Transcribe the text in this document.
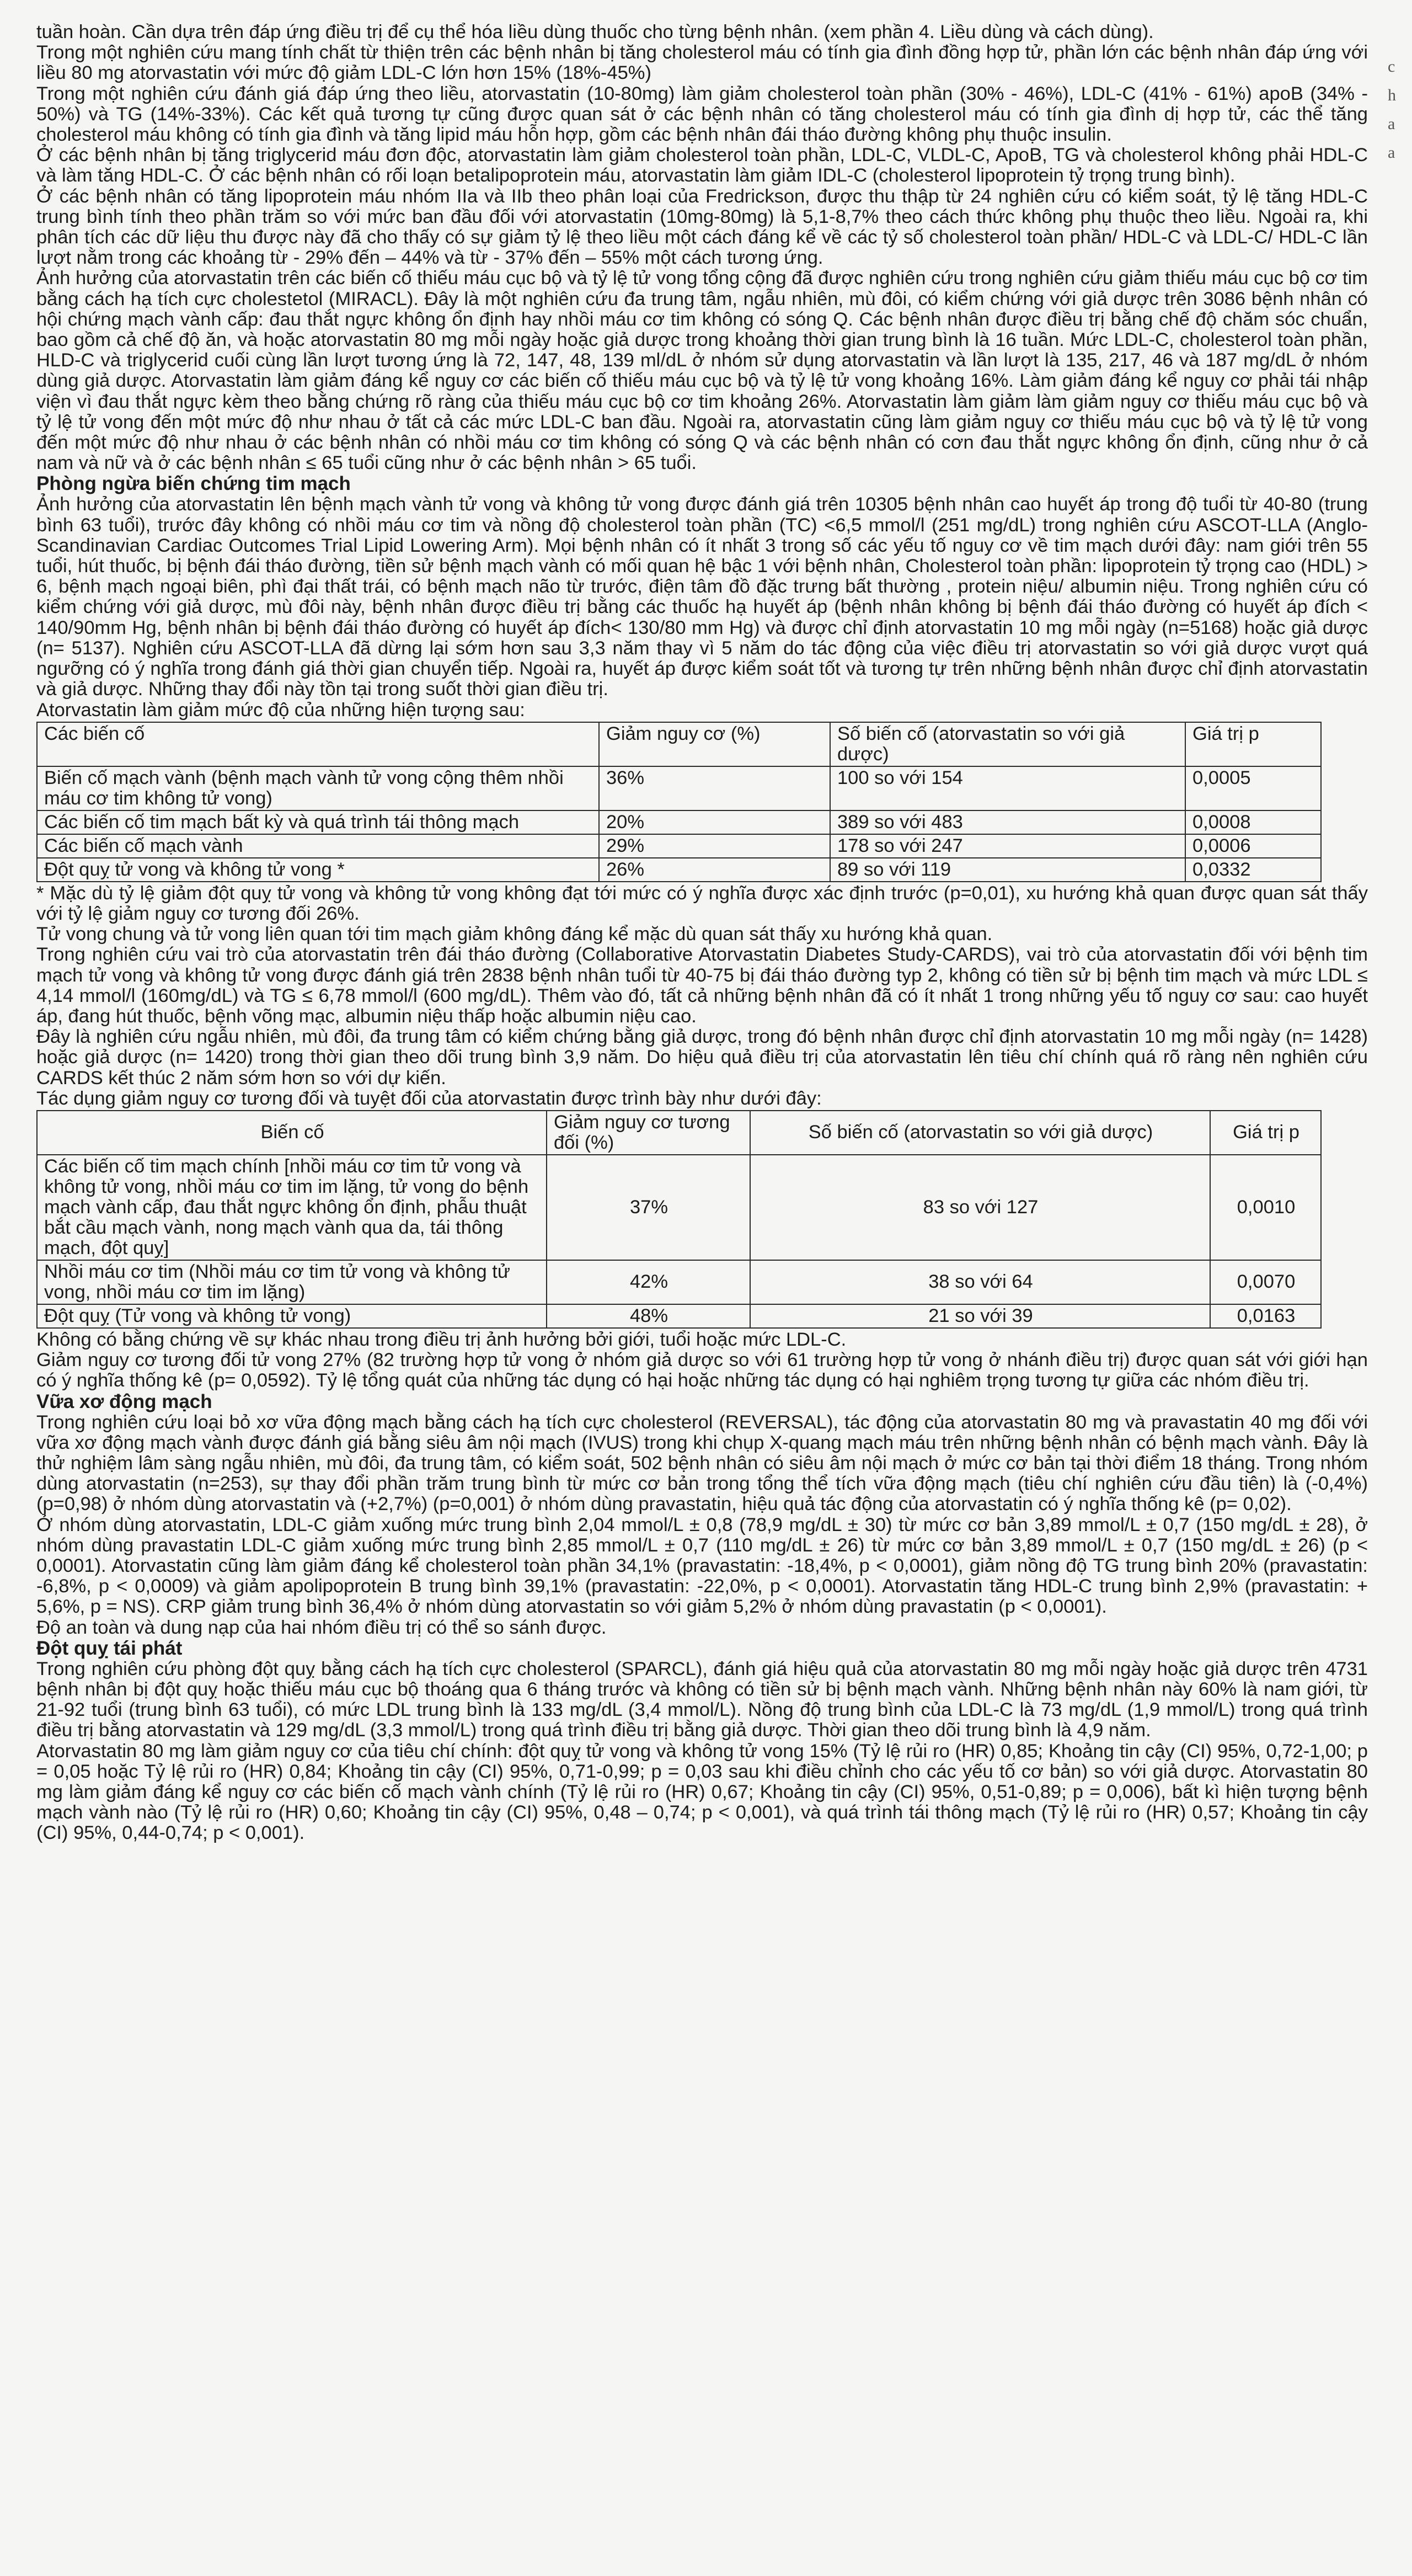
c
h
a
a

tuần hoàn. Cần dựa trên đáp ứng điều trị để cụ thể hóa liều dùng thuốc cho từng bệnh nhân. (xem phần 4. Liều dùng và cách dùng).

Trong một nghiên cứu mang tính chất từ thiện trên các bệnh nhân bị tăng cholesterol máu có tính gia đình đồng hợp tử, phần lớn các bệnh nhân đáp ứng với liều 80 mg atorvastatin với mức độ giảm LDL-C lớn hơn 15% (18%-45%)

Trong một nghiên cứu đánh giá đáp ứng theo liều, atorvastatin (10-80mg) làm giảm cholesterol toàn phần (30% - 46%), LDL-C (41% - 61%) apoB (34% - 50%) và TG (14%-33%). Các kết quả tương tự cũng được quan sát ở các bệnh nhân có tăng cholesterol máu có tính gia đình dị hợp tử, các thể tăng cholesterol máu không có tính gia đình và tăng lipid máu hỗn hợp, gồm các bệnh nhân đái tháo đường không phụ thuộc insulin.

Ở các bệnh nhân bị tăng triglycerid máu đơn độc, atorvastatin làm giảm cholesterol toàn phần, LDL-C, VLDL-C, ApoB, TG và cholesterol không phải HDL-C và làm tăng HDL-C. Ở các bệnh nhân có rối loạn betalipoprotein máu, atorvastatin làm giảm IDL-C (cholesterol lipoprotein tỷ trọng trung bình).

Ở các bệnh nhân có tăng lipoprotein máu nhóm IIa và IIb theo phân loại của Fredrickson, được thu thập từ 24 nghiên cứu có kiểm soát, tỷ lệ tăng HDL-C trung bình tính theo phần trăm so với mức ban đầu đối với atorvastatin (10mg-80mg) là 5,1-8,7% theo cách thức không phụ thuộc theo liều. Ngoài ra, khi phân tích các dữ liệu thu được này đã cho thấy có sự giảm tỷ lệ theo liều một cách đáng kể về các tỷ số cholesterol toàn phần/ HDL-C và LDL-C/ HDL-C lần lượt nằm trong các khoảng từ - 29% đến – 44% và từ - 37% đến – 55% một cách tương ứng.

Ảnh hưởng của atorvastatin trên các biến cố thiếu máu cục bộ và tỷ lệ tử vong tổng cộng đã được nghiên cứu trong nghiên cứu giảm thiếu máu cục bộ cơ tim bằng cách hạ tích cực cholestetol (MIRACL). Đây là một nghiên cứu đa trung tâm, ngẫu nhiên, mù đôi, có kiểm chứng với giả dược trên 3086 bệnh nhân có hội chứng mạch vành cấp: đau thắt ngực không ổn định hay nhồi máu cơ tim không có sóng Q. Các bệnh nhân được điều trị bằng chế độ chăm sóc chuẩn, bao gồm cả chế độ ăn, và hoặc atorvastatin 80 mg mỗi ngày hoặc giả dược trong khoảng thời gian trung bình là 16 tuần. Mức LDL-C, cholesterol toàn phần, HLD-C và triglycerid cuối cùng lần lượt tương ứng là 72, 147, 48, 139 ml/dL ở nhóm sử dụng atorvastatin và lần lượt là 135, 217, 46 và 187 mg/dL ở nhóm dùng giả dược. Atorvastatin làm giảm đáng kể nguy cơ các biến cố thiếu máu cục bộ và tỷ lệ tử vong khoảng 16%. Làm giảm đáng kể nguy cơ phải tái nhập viện vì đau thắt ngực kèm theo bằng chứng rõ ràng của thiếu máu cục bộ cơ tim khoảng 26%. Atorvastatin làm giảm làm giảm nguy cơ thiếu máu cục bộ và tỷ lệ tử vong đến một mức độ như nhau ở tất cả các mức LDL-C ban đầu. Ngoài ra, atorvastatin cũng làm giảm nguy cơ thiếu máu cục bộ và tỷ lệ tử vong đến một mức độ như nhau ở các bệnh nhân có nhồi máu cơ tim không có sóng Q và các bệnh nhân có cơn đau thắt ngực không ổn định, cũng như ở cả nam và nữ và ở các bệnh nhân ≤ 65 tuổi cũng như ở các bệnh nhân > 65 tuổi.

Phòng ngừa biến chứng tim mạch

Ảnh hưởng của atorvastatin lên bệnh mạch vành tử vong và không tử vong được đánh giá trên 10305 bệnh nhân cao huyết áp trong độ tuổi từ 40-80 (trung bình 63 tuổi), trước đây không có nhồi máu cơ tim và nồng độ cholesterol toàn phần (TC) <6,5 mmol/l (251 mg/dL) trong nghiên cứu ASCOT-LLA (Anglo-Scandinavian Cardiac Outcomes Trial Lipid Lowering Arm). Mọi bệnh nhân có ít nhất 3 trong số các yếu tố nguy cơ về tim mạch dưới đây: nam giới trên 55 tuổi, hút thuốc, bị bệnh đái tháo đường, tiền sử bệnh mạch vành có mối quan hệ bậc 1 với bệnh nhân, Cholesterol toàn phần: lipoprotein tỷ trọng cao (HDL) > 6, bệnh mạch ngoại biên, phì đại thất trái, có bệnh mạch não từ trước, điện tâm đồ đặc trưng bất thường , protein niệu/ albumin niệu. Trong nghiên cứu có kiểm chứng với giả dược, mù đôi này, bệnh nhân được điều trị bằng các thuốc hạ huyết áp (bệnh nhân không bị bệnh đái tháo đường có huyết áp đích < 140/90mm Hg, bệnh nhân bị bệnh đái tháo đường có huyết áp đích< 130/80 mm Hg) và được chỉ định atorvastatin 10 mg mỗi ngày (n=5168) hoặc giả dược (n= 5137). Nghiên cứu ASCOT-LLA đã dừng lại sớm hơn sau 3,3 năm thay vì 5 năm do tác động của việc điều trị atorvastatin so với giả dược vượt quá ngưỡng có ý nghĩa trong đánh giá thời gian chuyển tiếp. Ngoài ra, huyết áp được kiểm soát tốt và tương tự trên những bệnh nhân được chỉ định atorvastatin và giả dược. Những thay đổi này tồn tại trong suốt thời gian điều trị.

Atorvastatin làm giảm mức độ của những hiện tượng sau:

Các biến cố	Giảm nguy cơ (%)	Số biến cố (atorvastatin so với giả dược)	Giá trị p
Biến cố mạch vành (bệnh mạch vành tử vong cộng thêm nhồi máu cơ tim không tử vong)	36%	100 so với 154	0,0005
Các biến cố tim mạch bất kỳ và quá trình tái thông mạch	20%	389 so với 483	0,0008
Các biến cố mạch vành	29%	178 so với 247	0,0006
Đột quỵ tử vong và không tử vong *	26%	89 so với 119	0,0332

* Mặc dù tỷ lệ giảm đột quỵ tử vong và không tử vong không đạt tới mức có ý nghĩa được xác định trước (p=0,01), xu hướng khả quan được quan sát thấy với tỷ lệ giảm nguy cơ tương đối 26%.

Tử vong chung và tử vong liên quan tới tim mạch giảm không đáng kể mặc dù quan sát thấy xu hướng khả quan.

Trong nghiên cứu vai trò của atorvastatin trên đái tháo đường (Collaborative Atorvastatin Diabetes Study-CARDS), vai trò của atorvastatin đối với bệnh tim mạch tử vong và không tử vong được đánh giá trên 2838 bệnh nhân tuổi từ 40-75 bị đái tháo đường typ 2, không có tiền sử bị bệnh tim mạch và mức LDL ≤ 4,14 mmol/l (160mg/dL) và TG ≤ 6,78 mmol/l (600 mg/dL). Thêm vào đó, tất cả những bệnh nhân đã có ít nhất 1 trong những yếu tố nguy cơ sau: cao huyết áp, đang hút thuốc, bệnh võng mạc, albumin niệu thấp hoặc albumin niệu cao.

Đây là nghiên cứu ngẫu nhiên, mù đôi, đa trung tâm có kiểm chứng bằng giả dược, trong đó bệnh nhân được chỉ định atorvastatin 10 mg mỗi ngày (n= 1428) hoặc giả dược (n= 1420) trong thời gian theo dõi trung bình 3,9 năm. Do hiệu quả điều trị của atorvastatin lên tiêu chí chính quá rõ ràng nên nghiên cứu CARDS kết thúc 2 năm sớm hơn so với dự kiến.

Tác dụng giảm nguy cơ tương đối và tuyệt đối của atorvastatin được trình bày như dưới đây:

Biến cố	Giảm nguy cơ tương đối (%)	Số biến cố (atorvastatin so với giả dược)	Giá trị p
Các biến cố tim mạch chính [nhồi máu cơ tim tử vong và không tử vong, nhồi máu cơ tim im lặng, tử vong do bệnh mạch vành cấp, đau thắt ngực không ổn định, phẫu thuật bắt cầu mạch vành, nong mạch vành qua da, tái thông mạch, đột quỵ]	37%	83 so với 127	0,0010
Nhồi máu cơ tim (Nhồi máu cơ tim tử vong và không tử vong, nhồi máu cơ tim im lặng)	42%	38 so với 64	0,0070
Đột quỵ (Tử vong và không tử vong)	48%	21 so với 39	0,0163

Không có bằng chứng về sự khác nhau trong điều trị ảnh hưởng bởi giới, tuổi hoặc mức LDL-C.

Giảm nguy cơ tương đối tử vong 27% (82 trường hợp tử vong ở nhóm giả dược so với 61 trường hợp tử vong ở nhánh điều trị) được quan sát với giới hạn có ý nghĩa thống kê (p= 0,0592). Tỷ lệ tổng quát của những tác dụng có hại hoặc những tác dụng có hại nghiêm trọng tương tự giữa các nhóm điều trị.

Vữa xơ động mạch

Trong nghiên cứu loại bỏ xơ vữa động mạch bằng cách hạ tích cực cholesterol (REVERSAL), tác động của atorvastatin 80 mg và pravastatin 40 mg đối với vữa xơ động mạch vành được đánh giá bằng siêu âm nội mạch (IVUS) trong khi chụp X-quang mạch máu trên những bệnh nhân có bệnh mạch vành. Đây là thử nghiệm lâm sàng ngẫu nhiên, mù đôi, đa trung tâm, có kiểm soát, 502 bệnh nhân có siêu âm nội mạch ở mức cơ bản tại thời điểm 18 tháng. Trong nhóm dùng atorvastatin (n=253), sự thay đổi phần trăm trung bình từ mức cơ bản trong tổng thể tích vữa động mạch (tiêu chí nghiên cứu đầu tiên) là (-0,4%) (p=0,98) ở nhóm dùng atorvastatin và (+2,7%) (p=0,001) ở nhóm dùng pravastatin, hiệu quả tác động của atorvastatin có ý nghĩa thống kê (p= 0,02).

Ở nhóm dùng atorvastatin, LDL-C giảm xuống mức trung bình 2,04 mmol/L ± 0,8 (78,9 mg/dL ± 30) từ mức cơ bản 3,89 mmol/L ± 0,7 (150 mg/dL ± 28), ở nhóm dùng pravastatin LDL-C giảm xuống mức trung bình 2,85 mmol/L ± 0,7 (110 mg/dL ± 26) từ mức cơ bản 3,89 mmol/L ± 0,7 (150 mg/dL ± 26) (p < 0,0001). Atorvastatin cũng làm giảm đáng kể cholesterol toàn phần 34,1% (pravastatin: -18,4%, p < 0,0001), giảm nồng độ TG trung bình 20% (pravastatin: -6,8%, p < 0,0009) và giảm apolipoprotein B trung bình 39,1% (pravastatin: -22,0%, p < 0,0001). Atorvastatin tăng HDL-C trung bình 2,9% (pravastatin: + 5,6%, p = NS). CRP giảm trung bình 36,4% ở nhóm dùng atorvastatin so với giảm 5,2% ở nhóm dùng pravastatin (p < 0,0001).

Độ an toàn và dung nạp của hai nhóm điều trị có thể so sánh được.

Đột quỵ tái phát

Trong nghiên cứu phòng đột quỵ bằng cách hạ tích cực cholesterol (SPARCL), đánh giá hiệu quả của atorvastatin 80 mg mỗi ngày hoặc giả dược trên 4731 bệnh nhân bị đột quỵ hoặc thiếu máu cục bộ thoáng qua 6 tháng trước và không có tiền sử bị bệnh mạch vành. Những bệnh nhân này 60% là nam giới, từ 21-92 tuổi (trung bình 63 tuổi), có mức LDL trung bình là 133 mg/dL (3,4 mmol/L). Nồng độ trung bình của LDL-C là 73 mg/dL (1,9 mmol/L) trong quá trình điều trị bằng atorvastatin và 129 mg/dL (3,3 mmol/L) trong quá trình điều trị bằng giả dược. Thời gian theo dõi trung bình là 4,9 năm.

Atorvastatin 80 mg làm giảm nguy cơ của tiêu chí chính: đột quỵ tử vong và không tử vong 15% (Tỷ lệ rủi ro (HR) 0,85; Khoảng tin cậy (CI) 95%, 0,72-1,00; p = 0,05 hoặc Tỷ lệ rủi ro (HR) 0,84; Khoảng tin cậy (CI) 95%, 0,71-0,99; p = 0,03 sau khi điều chỉnh cho các yếu tố cơ bản) so với giả dược. Atorvastatin 80 mg làm giảm đáng kể nguy cơ các biến cố mạch vành chính (Tỷ lệ rủi ro (HR) 0,67; Khoảng tin cậy (CI) 95%, 0,51-0,89; p = 0,006), bất kì hiện tượng bệnh mạch vành nào (Tỷ lệ rủi ro (HR) 0,60; Khoảng tin cậy (CI) 95%, 0,48 – 0,74; p < 0,001), và quá trình tái thông mạch (Tỷ lệ rủi ro (HR) 0,57; Khoảng tin cậy (CI) 95%, 0,44-0,74; p < 0,001).
